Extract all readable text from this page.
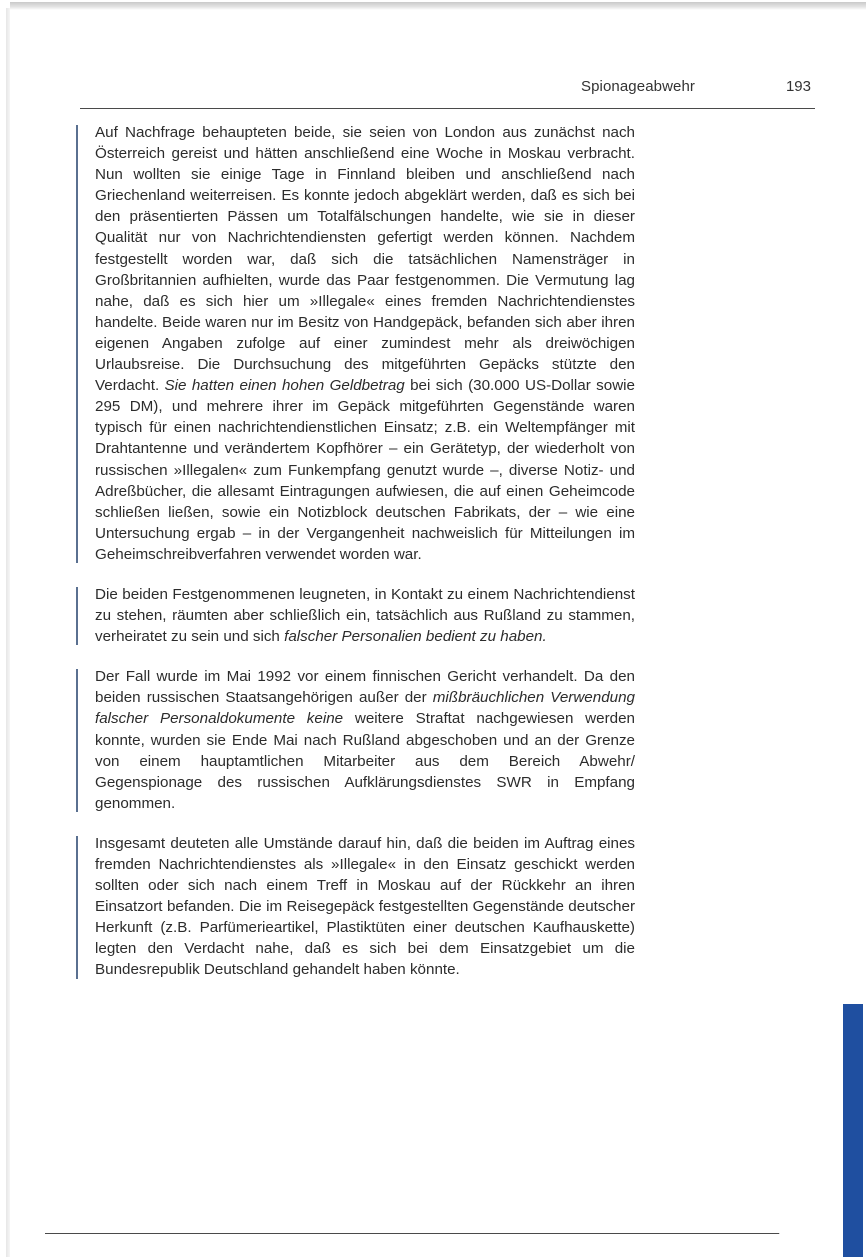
Spionageabwehr	193

Auf Nachfrage behaupteten beide, sie seien von London aus zunächst nach Österreich gereist und hätten anschließend eine Woche in Moskau verbracht. Nun wollten sie einige Tage in Finnland bleiben und anschließend nach Griechenland weiterreisen. Es konnte jedoch abgeklärt werden, daß es sich bei den präsentierten Pässen um Totalfälschungen handelte, wie sie in dieser Qualität nur von Nachrichtendiensten gefertigt werden können. Nachdem festgestellt worden war, daß sich die tatsächlichen Namensträger in Großbritannien aufhielten, wurde das Paar festgenommen. Die Vermutung lag nahe, daß es sich hier um »Illegale« eines fremden Nachrichtendienstes handelte. Beide waren nur im Besitz von Handgepäck, befanden sich aber ihren eigenen Angaben zufolge auf einer zumindest mehr als dreiwöchigen Urlaubsreise. Die Durchsuchung des mitgeführten Gepäcks stützte den Verdacht. Sie hatten einen hohen Geldbetrag bei sich (30.000 US-Dollar sowie 295 DM), und mehrere ihrer im Gepäck mitgeführten Gegenstände waren typisch für einen nachrichtendienstlichen Einsatz; z.B. ein Weltempfänger mit Drahtantenne und verändertem Kopfhörer – ein Gerätetyp, der wiederholt von russischen »Illegalen« zum Funkempfang genutzt wurde –, diverse Notiz- und Adreßbücher, die allesamt Eintragungen aufwiesen, die auf einen Geheimcode schließen ließen, sowie ein Notizblock deutschen Fabrikats, der – wie eine Untersuchung ergab – in der Vergangenheit nachweislich für Mitteilungen im Geheimschreibverfahren verwendet worden war.

Die beiden Festgenommenen leugneten, in Kontakt zu einem Nachrichtendienst zu stehen, räumten aber schließlich ein, tatsächlich aus Rußland zu stammen, verheiratet zu sein und sich falscher Personalien bedient zu haben.

Der Fall wurde im Mai 1992 vor einem finnischen Gericht verhandelt. Da den beiden russischen Staatsangehörigen außer der mißbräuchlichen Verwendung falscher Personaldokumente keine weitere Straftat nachgewiesen werden konnte, wurden sie Ende Mai nach Rußland abgeschoben und an der Grenze von einem hauptamtlichen Mitarbeiter aus dem Bereich Abwehr/ Gegenspionage des russischen Aufklärungsdienstes SWR in Empfang genommen.

Insgesamt deuteten alle Umstände darauf hin, daß die beiden im Auftrag eines fremden Nachrichtendienstes als »Illegale« in den Einsatz geschickt werden sollten oder sich nach einem Treff in Moskau auf der Rückkehr an ihren Einsatzort befanden. Die im Reisegepäck festgestellten Gegenstände deutscher Herkunft (z.B. Parfümerieartikel, Plastiktüten einer deutschen Kaufhauskette) legten den Verdacht nahe, daß es sich bei dem Einsatzgebiet um die Bundesrepublik Deutschland gehandelt haben könnte.
